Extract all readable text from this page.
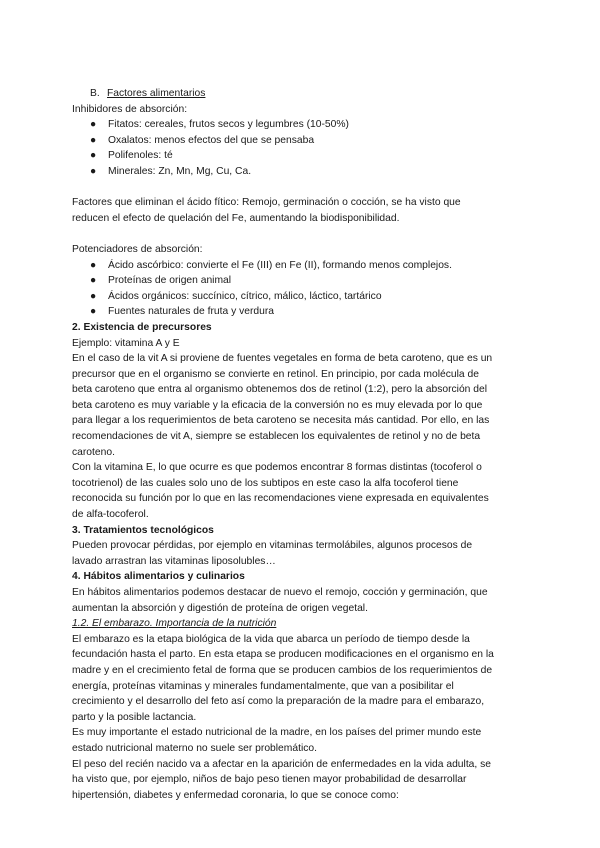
B. Factores alimentarios

Inhibidores de absorción:

● Fitatos: cereales, frutos secos y legumbres (10-50%)
● Oxalatos: menos efectos del que se pensaba
● Polifenoles: té
● Minerales: Zn, Mn, Mg, Cu, Ca.

Factores que eliminan el ácido fítico: Remojo, germinación o cocción, se ha visto que

reducen el efecto de quelación del Fe, aumentando la biodisponibilidad.

Potenciadores de absorción:

● Ácido ascórbico: convierte el Fe (III) en Fe (II), formando menos complejos.
● Proteínas de origen animal
● Ácidos orgánicos: succínico, cítrico, málico, láctico, tartárico
● Fuentes naturales de fruta y verdura

2. Existencia de precursores

Ejemplo: vitamina A y E

En el caso de la vit A si proviene de fuentes vegetales en forma de beta caroteno, que es un

precursor que en el organismo se convierte en retinol. En principio, por cada molécula de

beta caroteno que entra al organismo obtenemos dos de retinol (1:2), pero la absorción del

beta caroteno es muy variable y la eficacia de la conversión no es muy elevada por lo que

para llegar a los requerimientos de beta caroteno se necesita más cantidad. Por ello, en las

recomendaciones de vit A, siempre se establecen los equivalentes de retinol y no de beta

caroteno.

Con la vitamina E, lo que ocurre es que podemos encontrar 8 formas distintas (tocoferol o

tocotrienol) de las cuales solo uno de los subtipos en este caso la alfa tocoferol tiene

reconocida su función por lo que en las recomendaciones viene expresada en equivalentes

de alfa-tocoferol.

3. Tratamientos tecnológicos

Pueden provocar pérdidas, por ejemplo en vitaminas termolábiles, algunos procesos de

lavado arrastran las vitaminas liposolubles…

4. Hábitos alimentarios y culinarios

En hábitos alimentarios podemos destacar de nuevo el remojo, cocción y germinación, que

aumentan la absorción y digestión de proteína de origen vegetal.

1.2. El embarazo. Importancia de la nutrición

El embarazo es la etapa biológica de la vida que abarca un período de tiempo desde la

fecundación hasta el parto. En esta etapa se producen modificaciones en el organismo en la

madre y en el crecimiento fetal de forma que se producen cambios de los requerimientos de

energía, proteínas vitaminas y minerales fundamentalmente, que van a posibilitar el

crecimiento y el desarrollo del feto así como la preparación de la madre para el embarazo,

parto y la posible lactancia.

Es muy importante el estado nutricional de la madre, en los países del primer mundo este

estado nutricional materno no suele ser problemático.

El peso del recién nacido va a afectar en la aparición de enfermedades en la vida adulta, se

ha visto que, por ejemplo, niños de bajo peso tienen mayor probabilidad de desarrollar

hipertensión, diabetes y enfermedad coronaria, lo que se conoce como:
